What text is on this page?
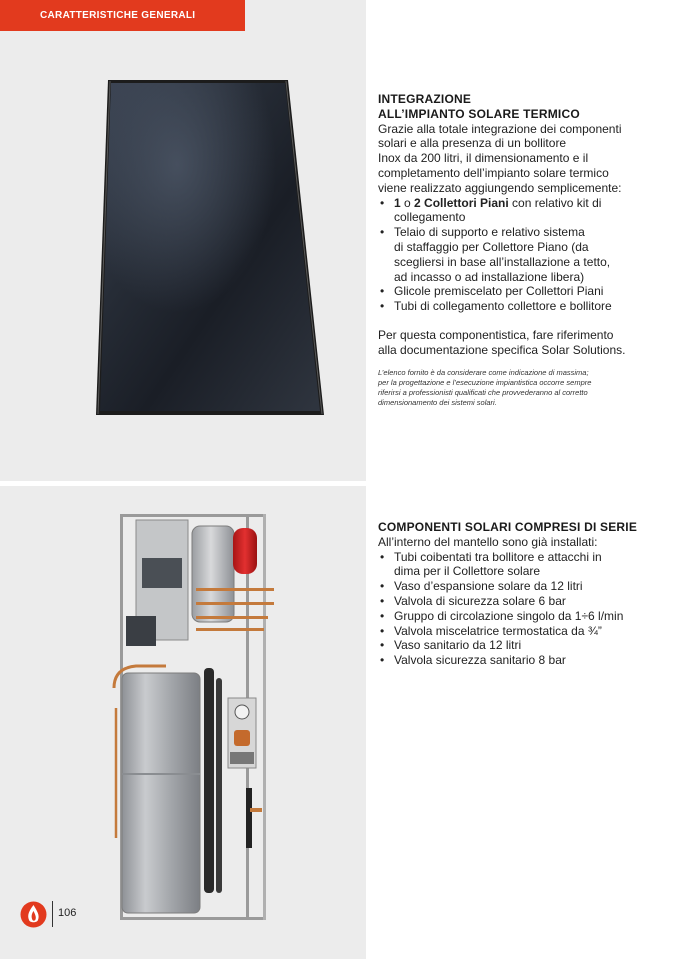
CARATTERISTICHE GENERALI
INTEGRAZIONE
ALL’IMPIANTO SOLARE TERMICO
Grazie alla totale integrazione dei componenti
solari e alla presenza di un bollitore
Inox da 200 litri, il dimensionamento e il
completamento dell’impianto solare termico
viene realizzato aggiungendo semplicemente:
• 1 o 2 Collettori Piani con relativo kit di
collegamento
• Telaio di supporto e relativo sistema
di staffaggio per Collettore Piano (da
scegliersi in base all’installazione a tetto,
ad incasso o ad installazione libera)
• Glicole premiscelato per Collettori Piani
• Tubi di collegamento collettore e bollitore
Per questa componentistica, fare riferimento
alla documentazione specifica Solar Solutions.
L’elenco fornito è da considerare come indicazione di massima;
per la progettazione e l’esecuzione impiantistica occorre sempre
riferirsi a professionisti qualificati che provvederanno al corretto
dimensionamento dei sistemi solari.
COMPONENTI SOLARI COMPRESI DI SERIE
All’interno del mantello sono già installati:
• Tubi coibentati tra bollitore e attacchi in
dima per il Collettore solare
• Vaso d’espansione solare da 12 litri
• Valvola di sicurezza solare 6 bar
• Gruppo di circolazione singolo da 1÷6 l/min
• Valvola miscelatrice termostatica da ¾”
• Vaso sanitario da 12 litri
• Valvola sicurezza sanitario 8 bar
106
